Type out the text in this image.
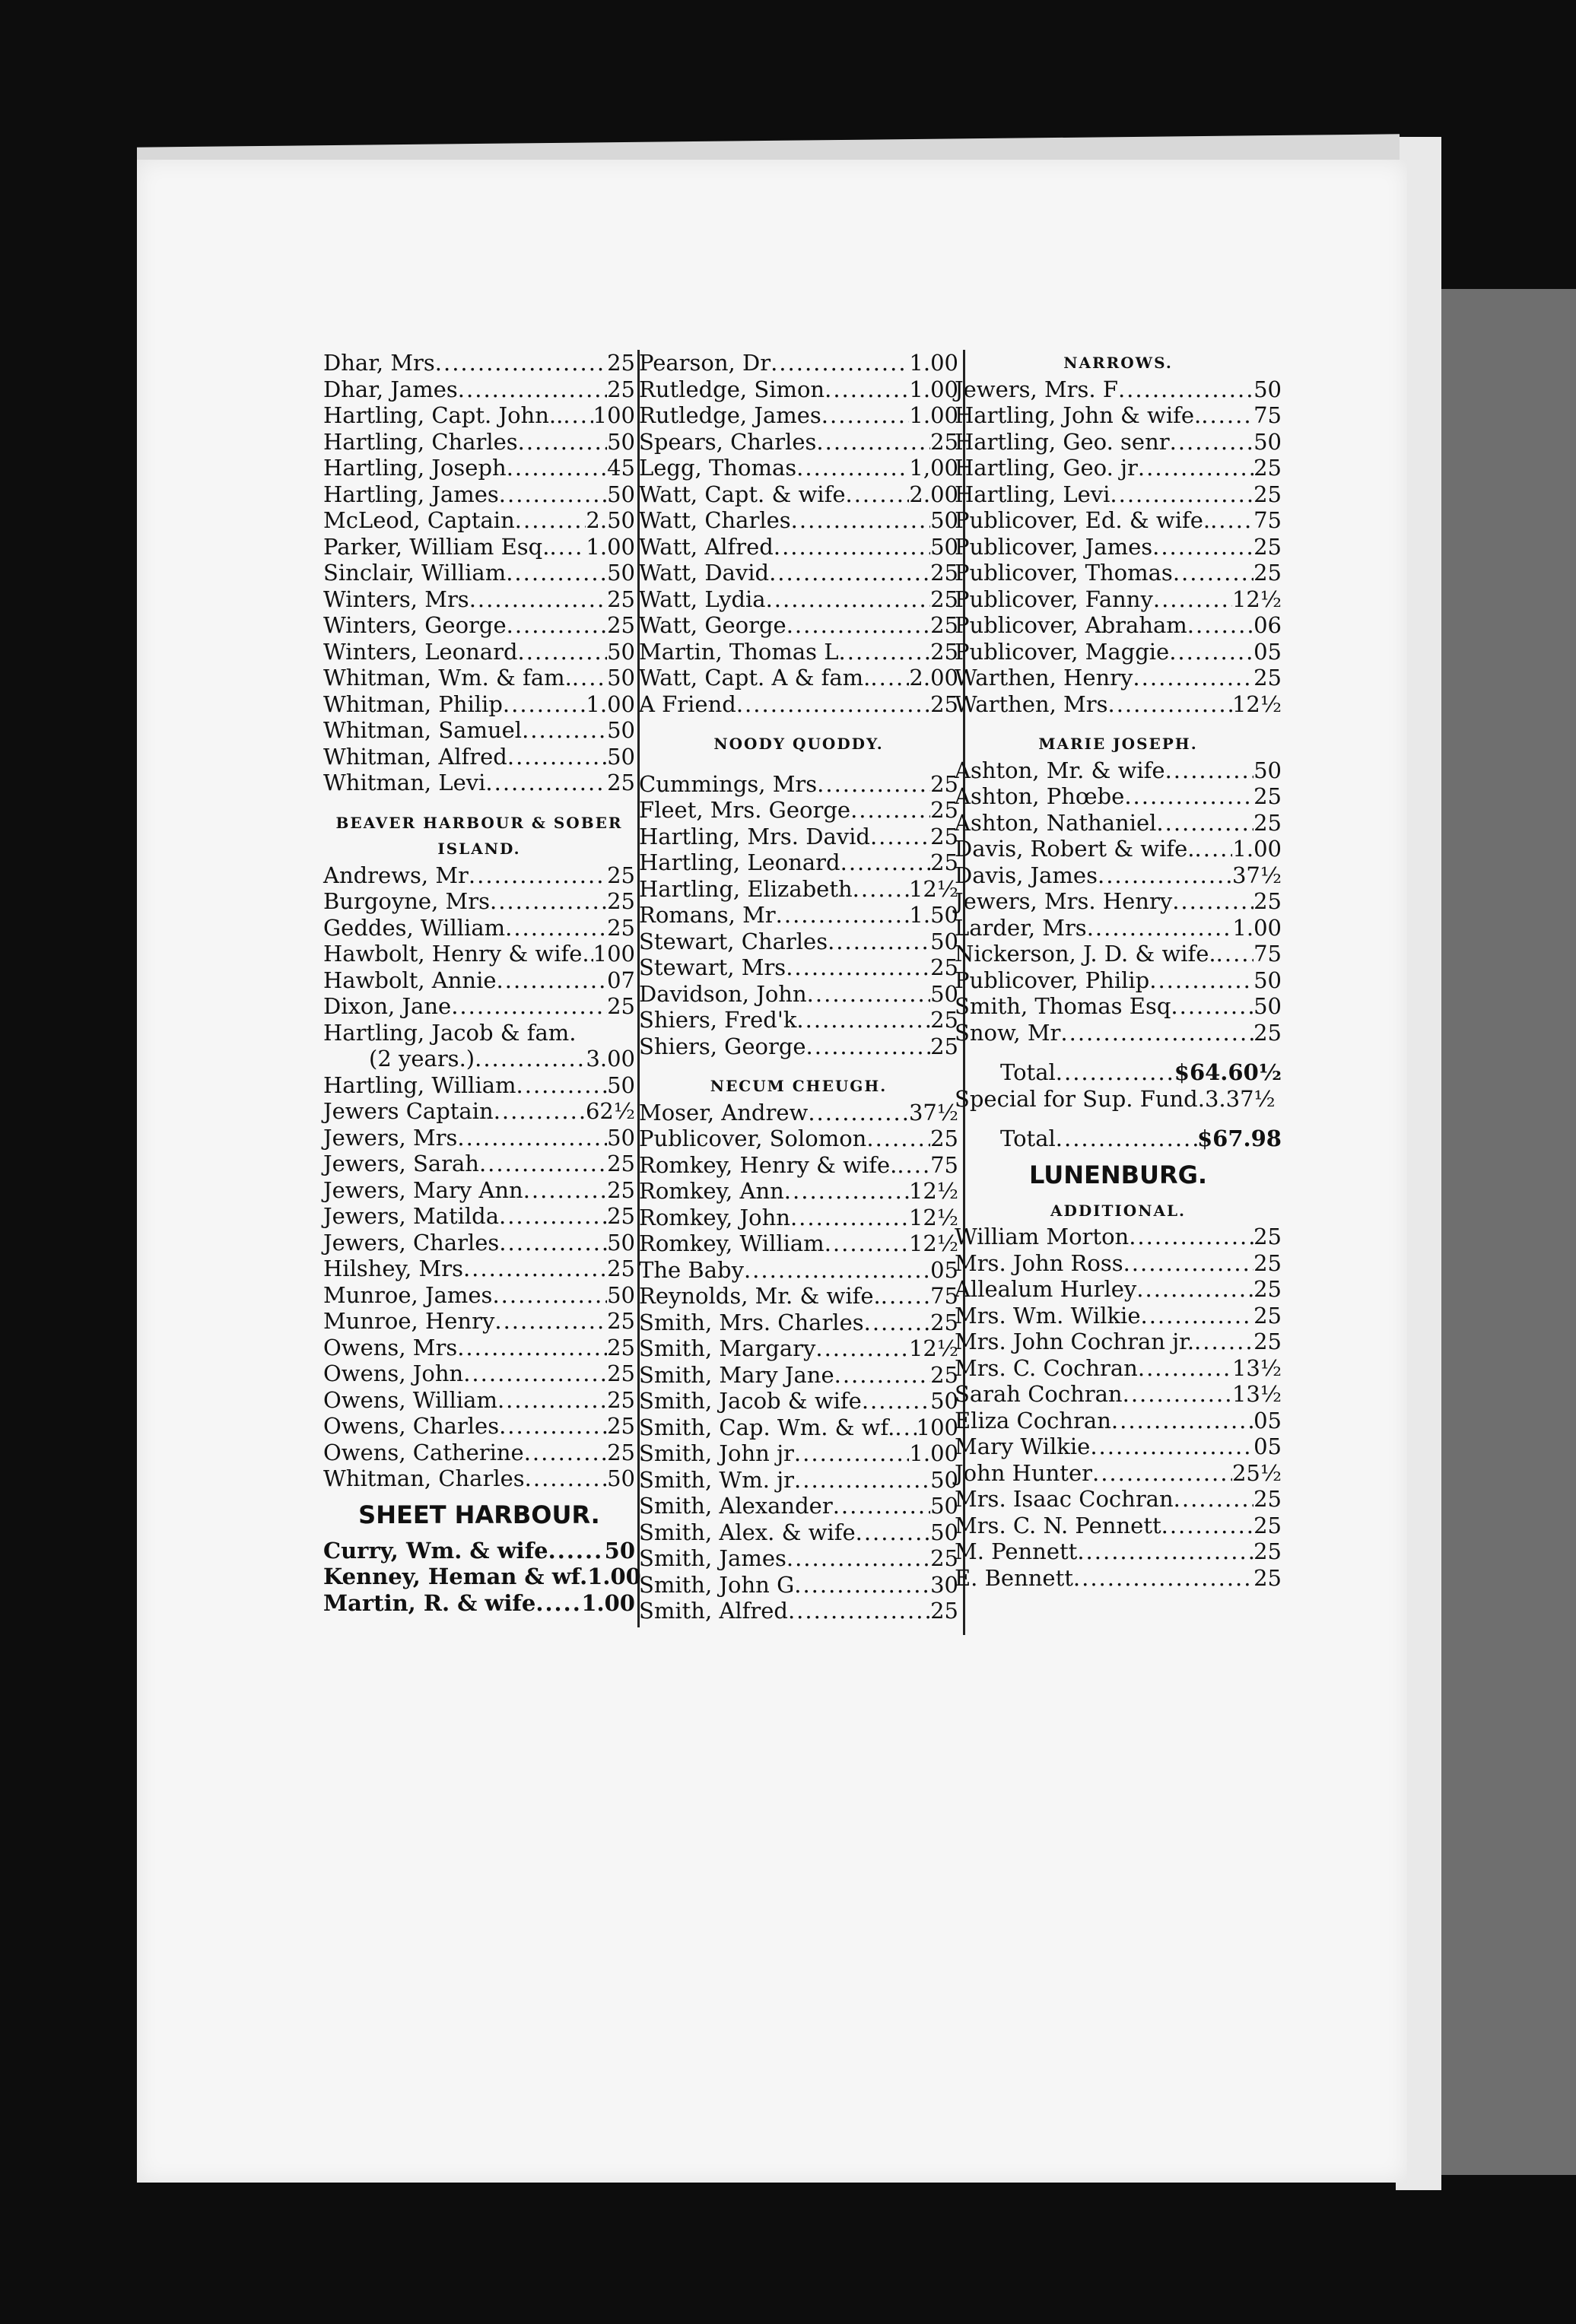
Dhar, Mrs .....	25
Dhar, James .....	25
Hartling, Capt. John.. ..... 100
Hartling, Charles .....	50
Hartling, Joseph .....	45
Hartling, James .....	50
McLeod, Captain .....	2.50
Parker, William Esq. ..... 1.00
Sinclair, William .....	50
Winters, Mrs .....	25
Winters, George .....	25
Winters, Leonard .....	50
Whitman, Wm. & fam. ..... 50
Whitman, Philip .....	1.00
Whitman, Samuel .....	50
Whitman, Alfred .....	50
Whitman, Levi .....	25
BEAVER HARBOUR & SOBER
ISLAND.
Andrews, Mr .....	25
Burgoyne, Mrs .....	25
Geddes, William .....	25
Hawbolt, Henry & wife. ..... 100
Hawbolt, Annie .....	07
Dixon, Jane .....	25
Hartling, Jacob & fam.
(2 years.) .....	3.00
Hartling, William .....	50
Jewers Captain .....	62½
Jewers, Mrs .....	50
Jewers, Sarah .....	25
Jewers, Mary Ann .....	25
Jewers, Matilda .....	25
Jewers, Charles .....	50
Hilshey, Mrs .....	25
Munroe, James .....	50
Munroe, Henry .....	25
Owens, Mrs .....	25
Owens, John .....	25
Owens, William .....	25
Owens, Charles .....	25
Owens, Catherine .....	25
Whitman, Charles .....	50
SHEET HARBOUR.
Curry, Wm. & wife .....	50
Kenney, Heman & wf. 1.00
Martin, R. & wife ..... 1.00
Pearson, Dr .....	1.00
Rutledge, Simon .....	1.00
Rutledge, James .....	1.00
Spears, Charles .....	25
Legg, Thomas .....	1,00
Watt, Capt. & wife .....	2.00
Watt, Charles .....	50
Watt, Alfred .....	50
Watt, David .....	25
Watt, Lydia .....	25
Watt, George .....	25
Martin, Thomas L .....	25
Watt, Capt. A & fam. ..... 2.00
A Friend .....	25
NOODY QUODDY.
Cummings, Mrs .....	25
Fleet, Mrs. George .....	25
Hartling, Mrs. David .....	25
Hartling, Leonard .....	25
Hartling, Elizabeth .....	12½
Romans, Mr .....	1.50
Stewart, Charles .....	50
Stewart, Mrs .....	25
Davidson, John .....	50
Shiers, Fred'k .....	25
Shiers, George .....	25
NECUM CHEUGH.
Moser, Andrew .....	37½
Publicover, Solomon .....	25
Romkey, Henry & wife. ..... 75
Romkey, Ann .....	12½
Romkey, John .....	12½
Romkey, William .....	12½
The Baby .....	05
Reynolds, Mr. & wife. ..... 75
Smith, Mrs. Charles .....	25
Smith, Margary .....	12½
Smith, Mary Jane .....	25
Smith, Jacob & wife .....	50
Smith, Cap. Wm. & wf. ..... 100
Smith, John jr .....	1.00
Smith, Wm. jr .....	50
Smith, Alexander .....	50
Smith, Alex. & wife .....	50
Smith, James .....	25
Smith, John G .....	30
Smith, Alfred .....	25
NARROWS.
Jewers, Mrs. F .....	50
Hartling, John & wife. ..... 75
Hartling, Geo. senr .....	50
Hartling, Geo. jr .....	25
Hartling, Levi .....	25
Publicover, Ed. & wife. ..... 75
Publicover, James .....	25
Publicover, Thomas .....	25
Publicover, Fanny .....	12½
Publicover, Abraham .....	06
Publicover, Maggie .....	05
Warthen, Henry .....	25
Warthen, Mrs .....	12½
MARIE JOSEPH.
Ashton, Mr. & wife .....	50
Ashton, Phœbe .....	25
Ashton, Nathaniel .....	25
Davis, Robert & wife. ..... 1.00
Davis, James .....	37½
Jewers, Mrs. Henry .....	25
Larder, Mrs .....	1.00
Nickerson, J. D. & wife. ..... 75
Publicover, Philip .....	50
Smith, Thomas Esq .....	50
Snow, Mr .....	25
Total .....	$64.60½
Special for Sup. Fund. 3.37½
Total .....	$67.98
LUNENBURG.
ADDITIONAL.
William Morton .....	25
Mrs. John Ross .....	25
Allealum Hurley .....	25
Mrs. Wm. Wilkie .....	25
Mrs. John Cochran jr. .....	25
Mrs. C. Cochran .....	13½
Sarah Cochran .....	13½
Eliza Cochran .....	05
Mary Wilkie .....	05
John Hunter .....	25½
Mrs. Isaac Cochran .....	25
Mrs. C. N. Pennett .....	25
M. Pennett .....	25
E. Bennett .....	25
